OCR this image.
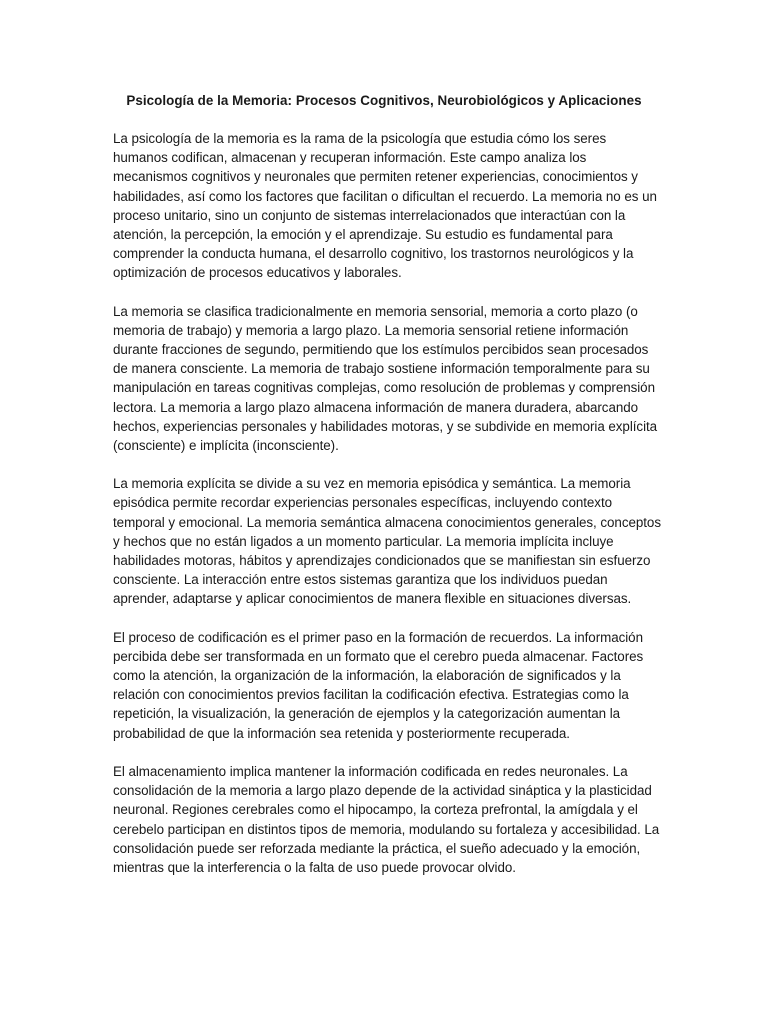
Psicología de la Memoria: Procesos Cognitivos, Neurobiológicos y Aplicaciones

La psicología de la memoria es la rama de la psicología que estudia cómo los seres humanos codifican, almacenan y recuperan información. Este campo analiza los mecanismos cognitivos y neuronales que permiten retener experiencias, conocimientos y habilidades, así como los factores que facilitan o dificultan el recuerdo. La memoria no es un proceso unitario, sino un conjunto de sistemas interrelacionados que interactúan con la atención, la percepción, la emoción y el aprendizaje. Su estudio es fundamental para comprender la conducta humana, el desarrollo cognitivo, los trastornos neurológicos y la optimización de procesos educativos y laborales.

La memoria se clasifica tradicionalmente en memoria sensorial, memoria a corto plazo (o memoria de trabajo) y memoria a largo plazo. La memoria sensorial retiene información durante fracciones de segundo, permitiendo que los estímulos percibidos sean procesados de manera consciente. La memoria de trabajo sostiene información temporalmente para su manipulación en tareas cognitivas complejas, como resolución de problemas y comprensión lectora. La memoria a largo plazo almacena información de manera duradera, abarcando hechos, experiencias personales y habilidades motoras, y se subdivide en memoria explícita (consciente) e implícita (inconsciente).

La memoria explícita se divide a su vez en memoria episódica y semántica. La memoria episódica permite recordar experiencias personales específicas, incluyendo contexto temporal y emocional. La memoria semántica almacena conocimientos generales, conceptos y hechos que no están ligados a un momento particular. La memoria implícita incluye habilidades motoras, hábitos y aprendizajes condicionados que se manifiestan sin esfuerzo consciente. La interacción entre estos sistemas garantiza que los individuos puedan aprender, adaptarse y aplicar conocimientos de manera flexible en situaciones diversas.

El proceso de codificación es el primer paso en la formación de recuerdos. La información percibida debe ser transformada en un formato que el cerebro pueda almacenar. Factores como la atención, la organización de la información, la elaboración de significados y la relación con conocimientos previos facilitan la codificación efectiva. Estrategias como la repetición, la visualización, la generación de ejemplos y la categorización aumentan la probabilidad de que la información sea retenida y posteriormente recuperada.

El almacenamiento implica mantener la información codificada en redes neuronales. La consolidación de la memoria a largo plazo depende de la actividad sináptica y la plasticidad neuronal. Regiones cerebrales como el hipocampo, la corteza prefrontal, la amígdala y el cerebelo participan en distintos tipos de memoria, modulando su fortaleza y accesibilidad. La consolidación puede ser reforzada mediante la práctica, el sueño adecuado y la emoción, mientras que la interferencia o la falta de uso puede provocar olvido.
